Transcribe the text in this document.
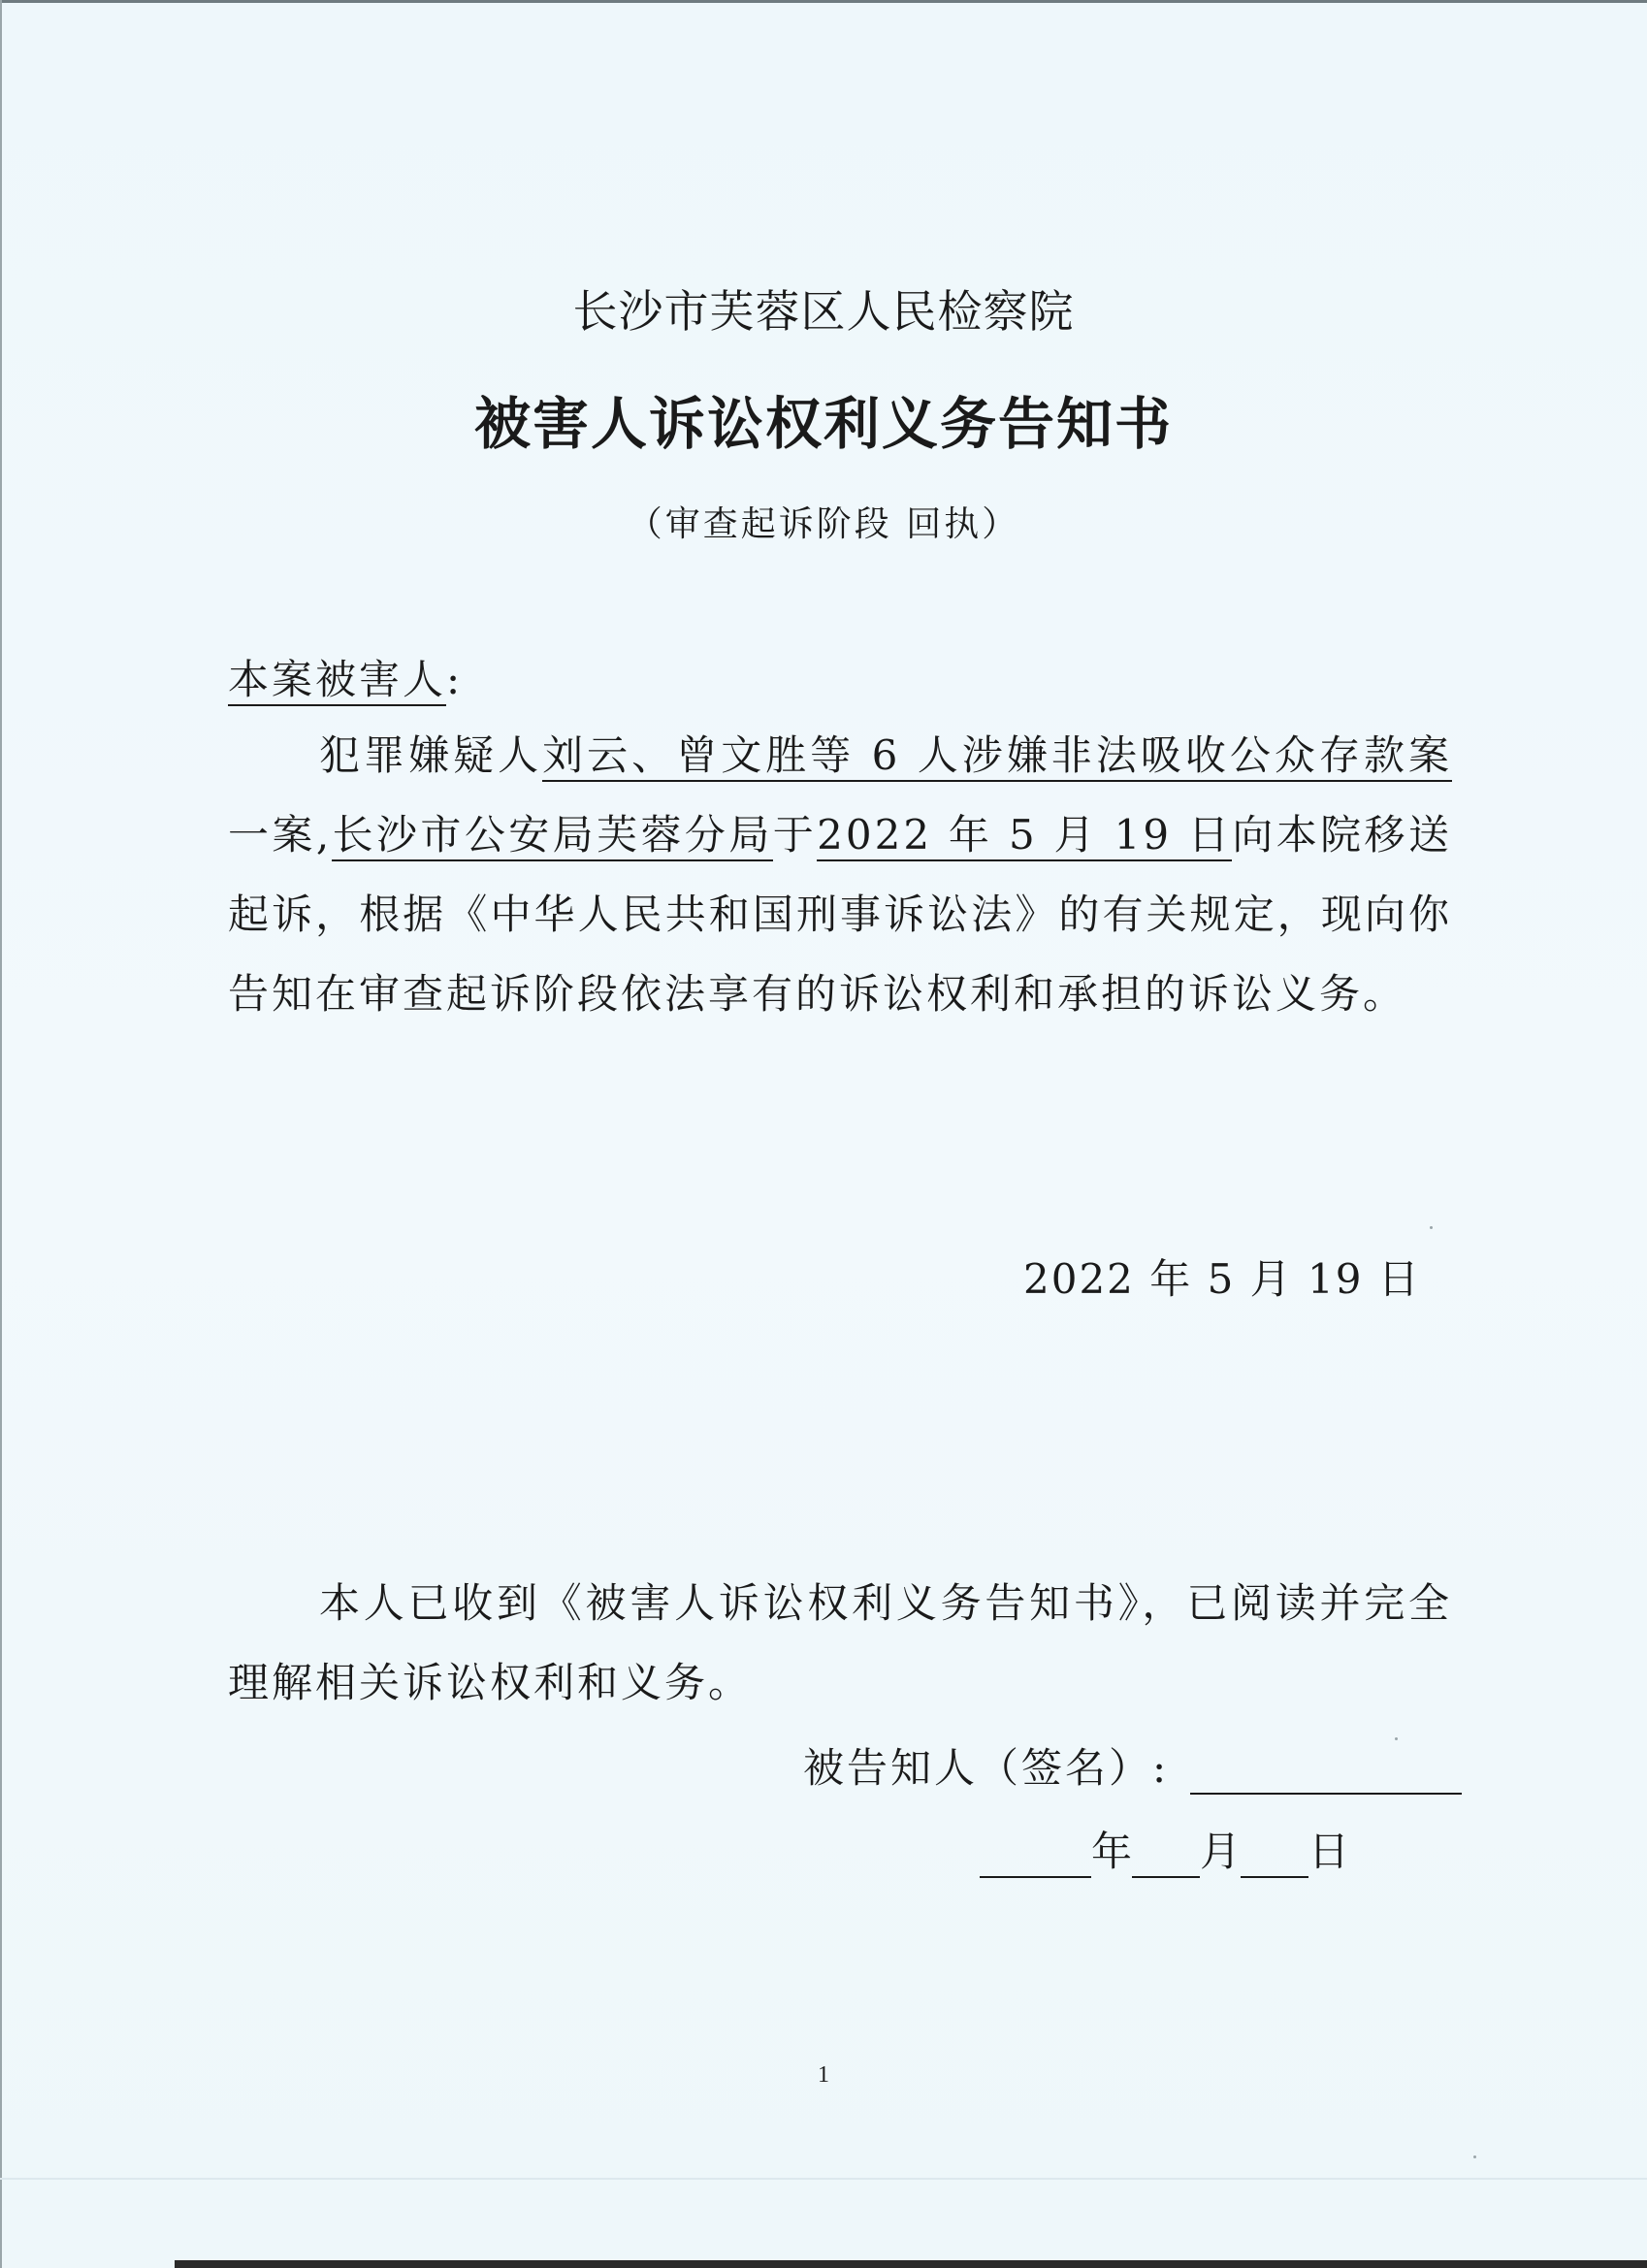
长沙市芙蓉区人民检察院
被害人诉讼权利义务告知书
（审查起诉阶段 回执）
本案被害人:
犯罪嫌疑人刘云、曾文胜等 6 人涉嫌非法吸收公众存款案一案,长沙市公安局芙蓉分局于2022 年 5 月 19 日向本院移送起诉，根据《中华人民共和国刑事诉讼法》的有关规定，现向你告知在审查起诉阶段依法享有的诉讼权利和承担的诉讼义务。
2022 年 5 月 19 日
本人已收到《被害人诉讼权利义务告知书》，已阅读并完全理解相关诉讼权利和义务。
被告知人（签名）:
年 月 日
1
